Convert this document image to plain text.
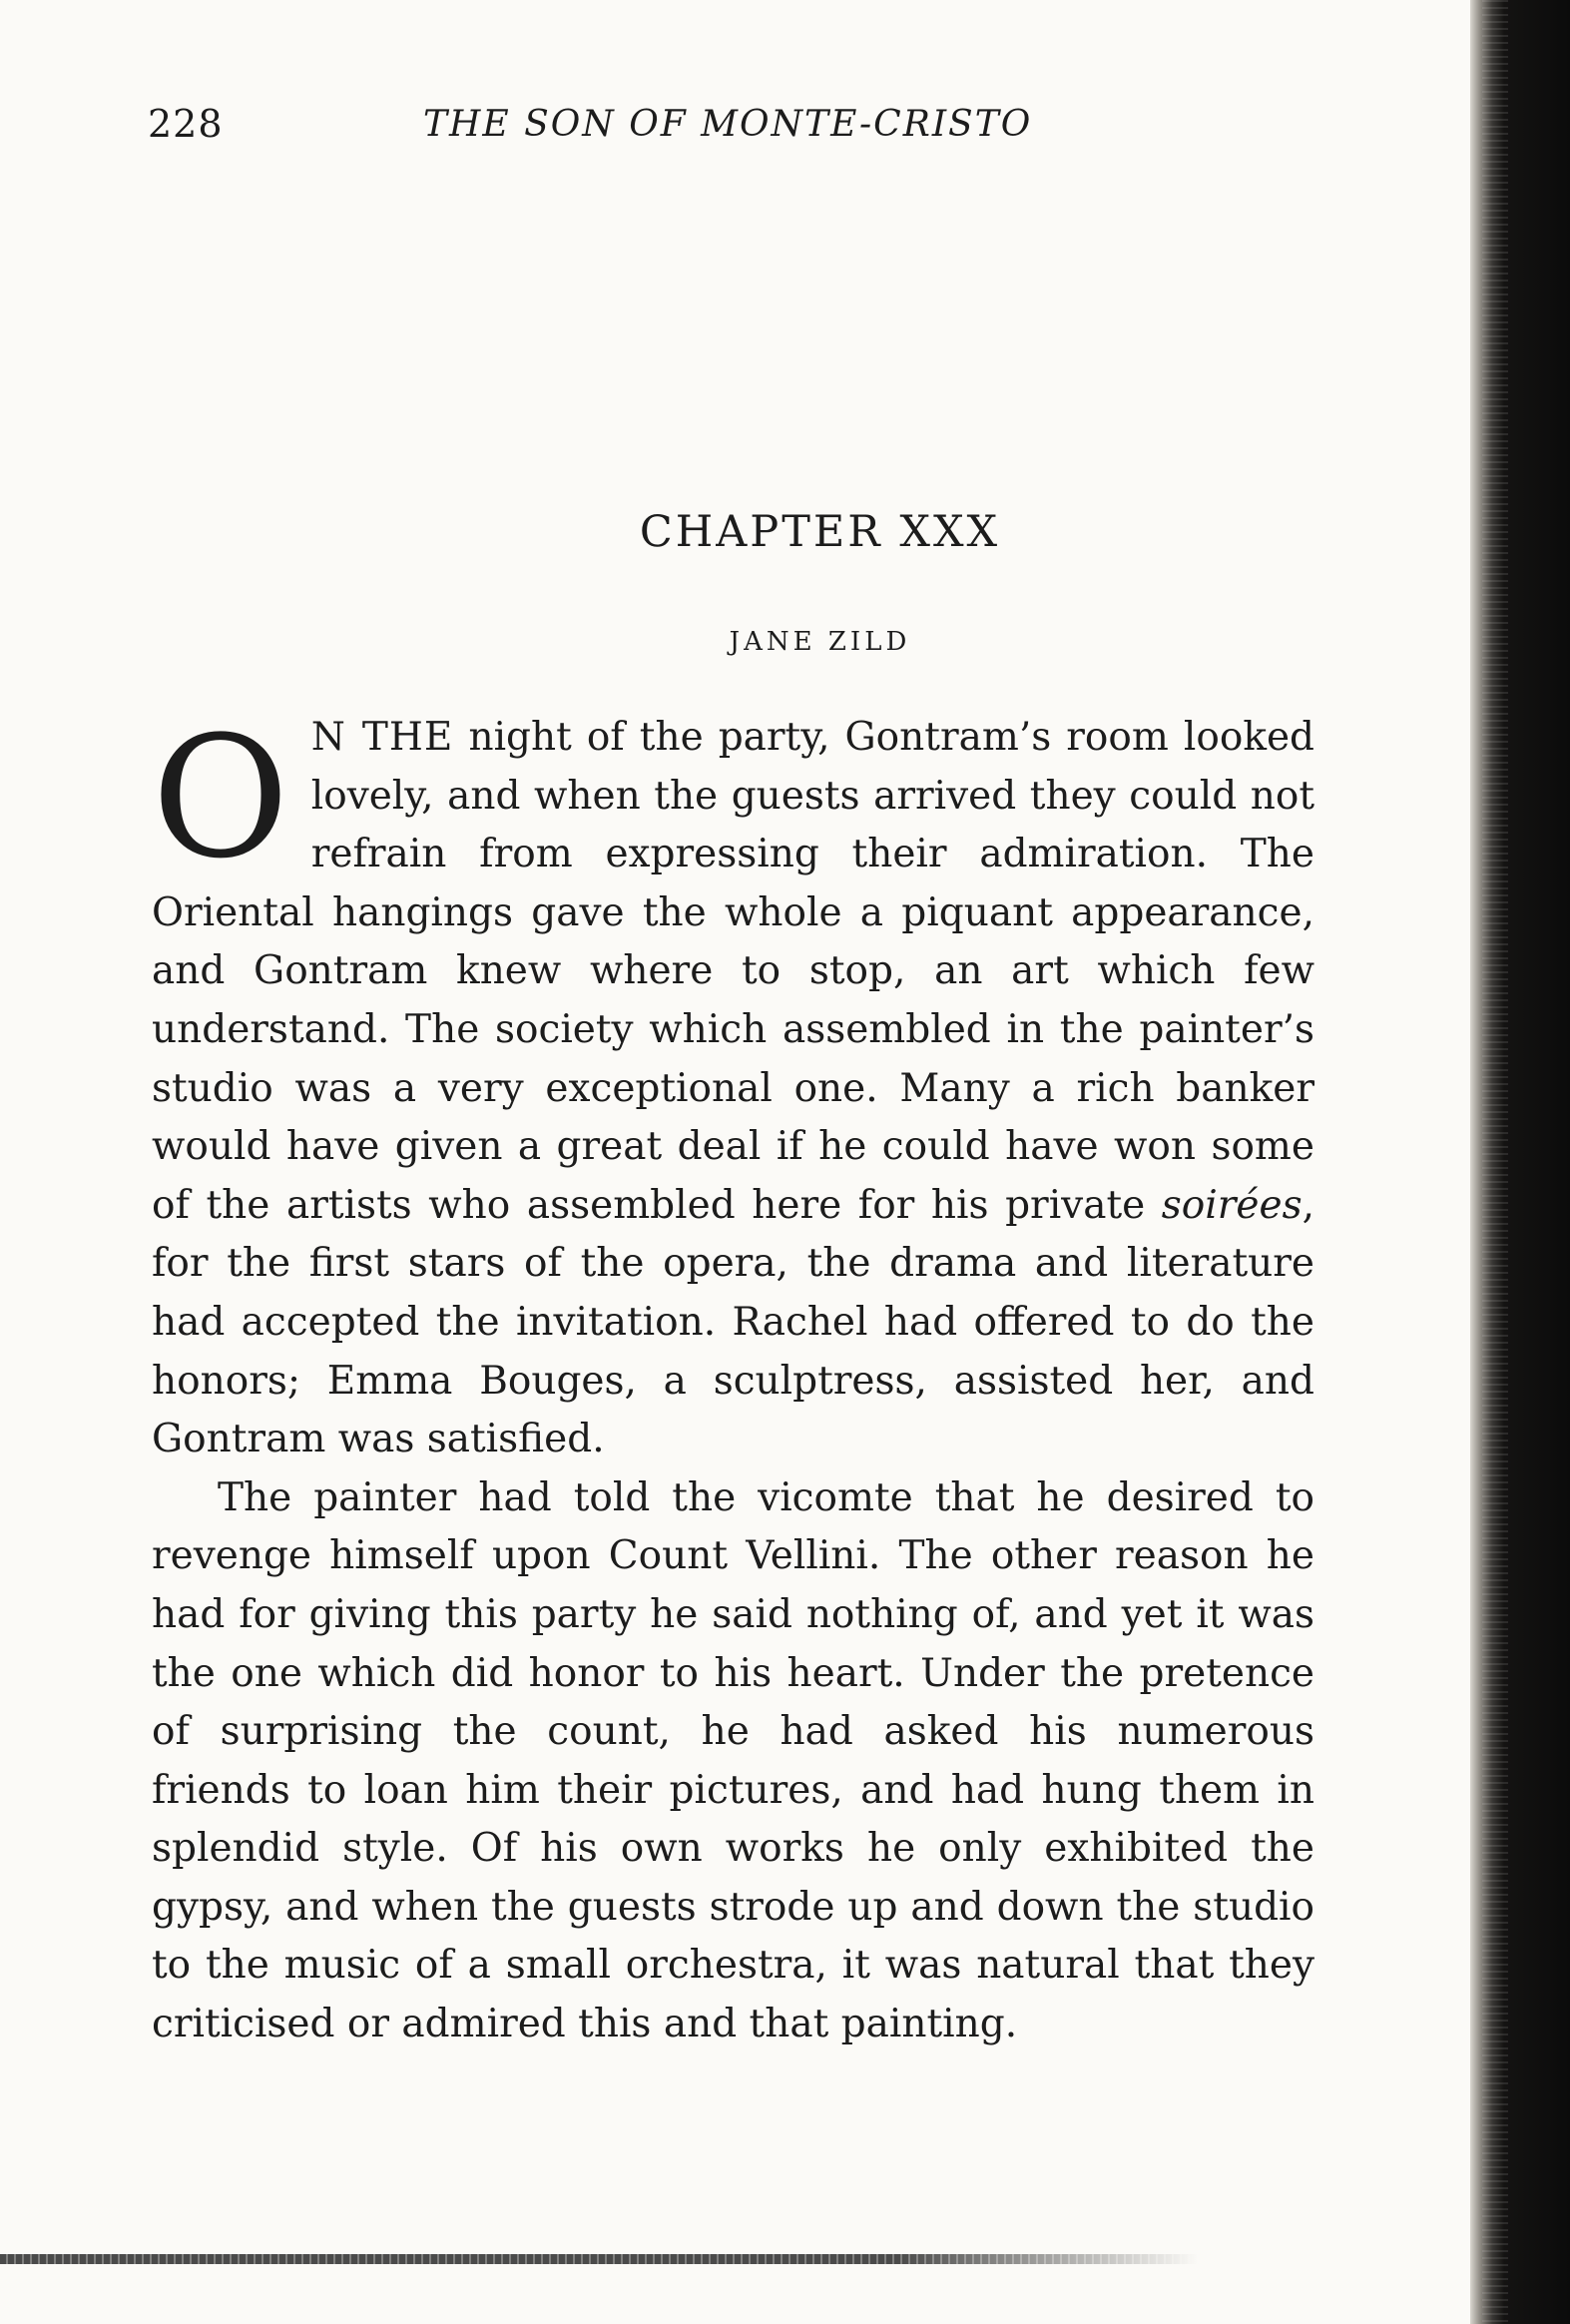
228	THE SON OF MONTE-CRISTO
CHAPTER XXX
JANE ZILD

O N THE night of the party, Gontram’s room looked lovely, and when the guests arrived they could not refrain from expressing their admiration. The Oriental hangings gave the whole a piquant appearance, and Gontram knew where to stop, an art which few understand. The society which assembled in the painter’s studio was a very exceptional one. Many a rich banker would have given a great deal if he could have won some of the artists who assembled here for his private soirées, for the first stars of the opera, the drama and literature had accepted the invitation. Rachel had offered to do the honors; Emma Bouges, a sculptress, assisted her, and Gontram was satisfied.

The painter had told the vicomte that he desired to revenge himself upon Count Vellini. The other reason he had for giving this party he said nothing of, and yet it was the one which did honor to his heart. Under the pretence of surprising the count, he had asked his numerous friends to loan him their pictures, and had hung them in splendid style. Of his own works he only exhibited the gypsy, and when the guests strode up and down the studio to the music of a small orchestra, it was natural that they criticised or admired this and that painting.
